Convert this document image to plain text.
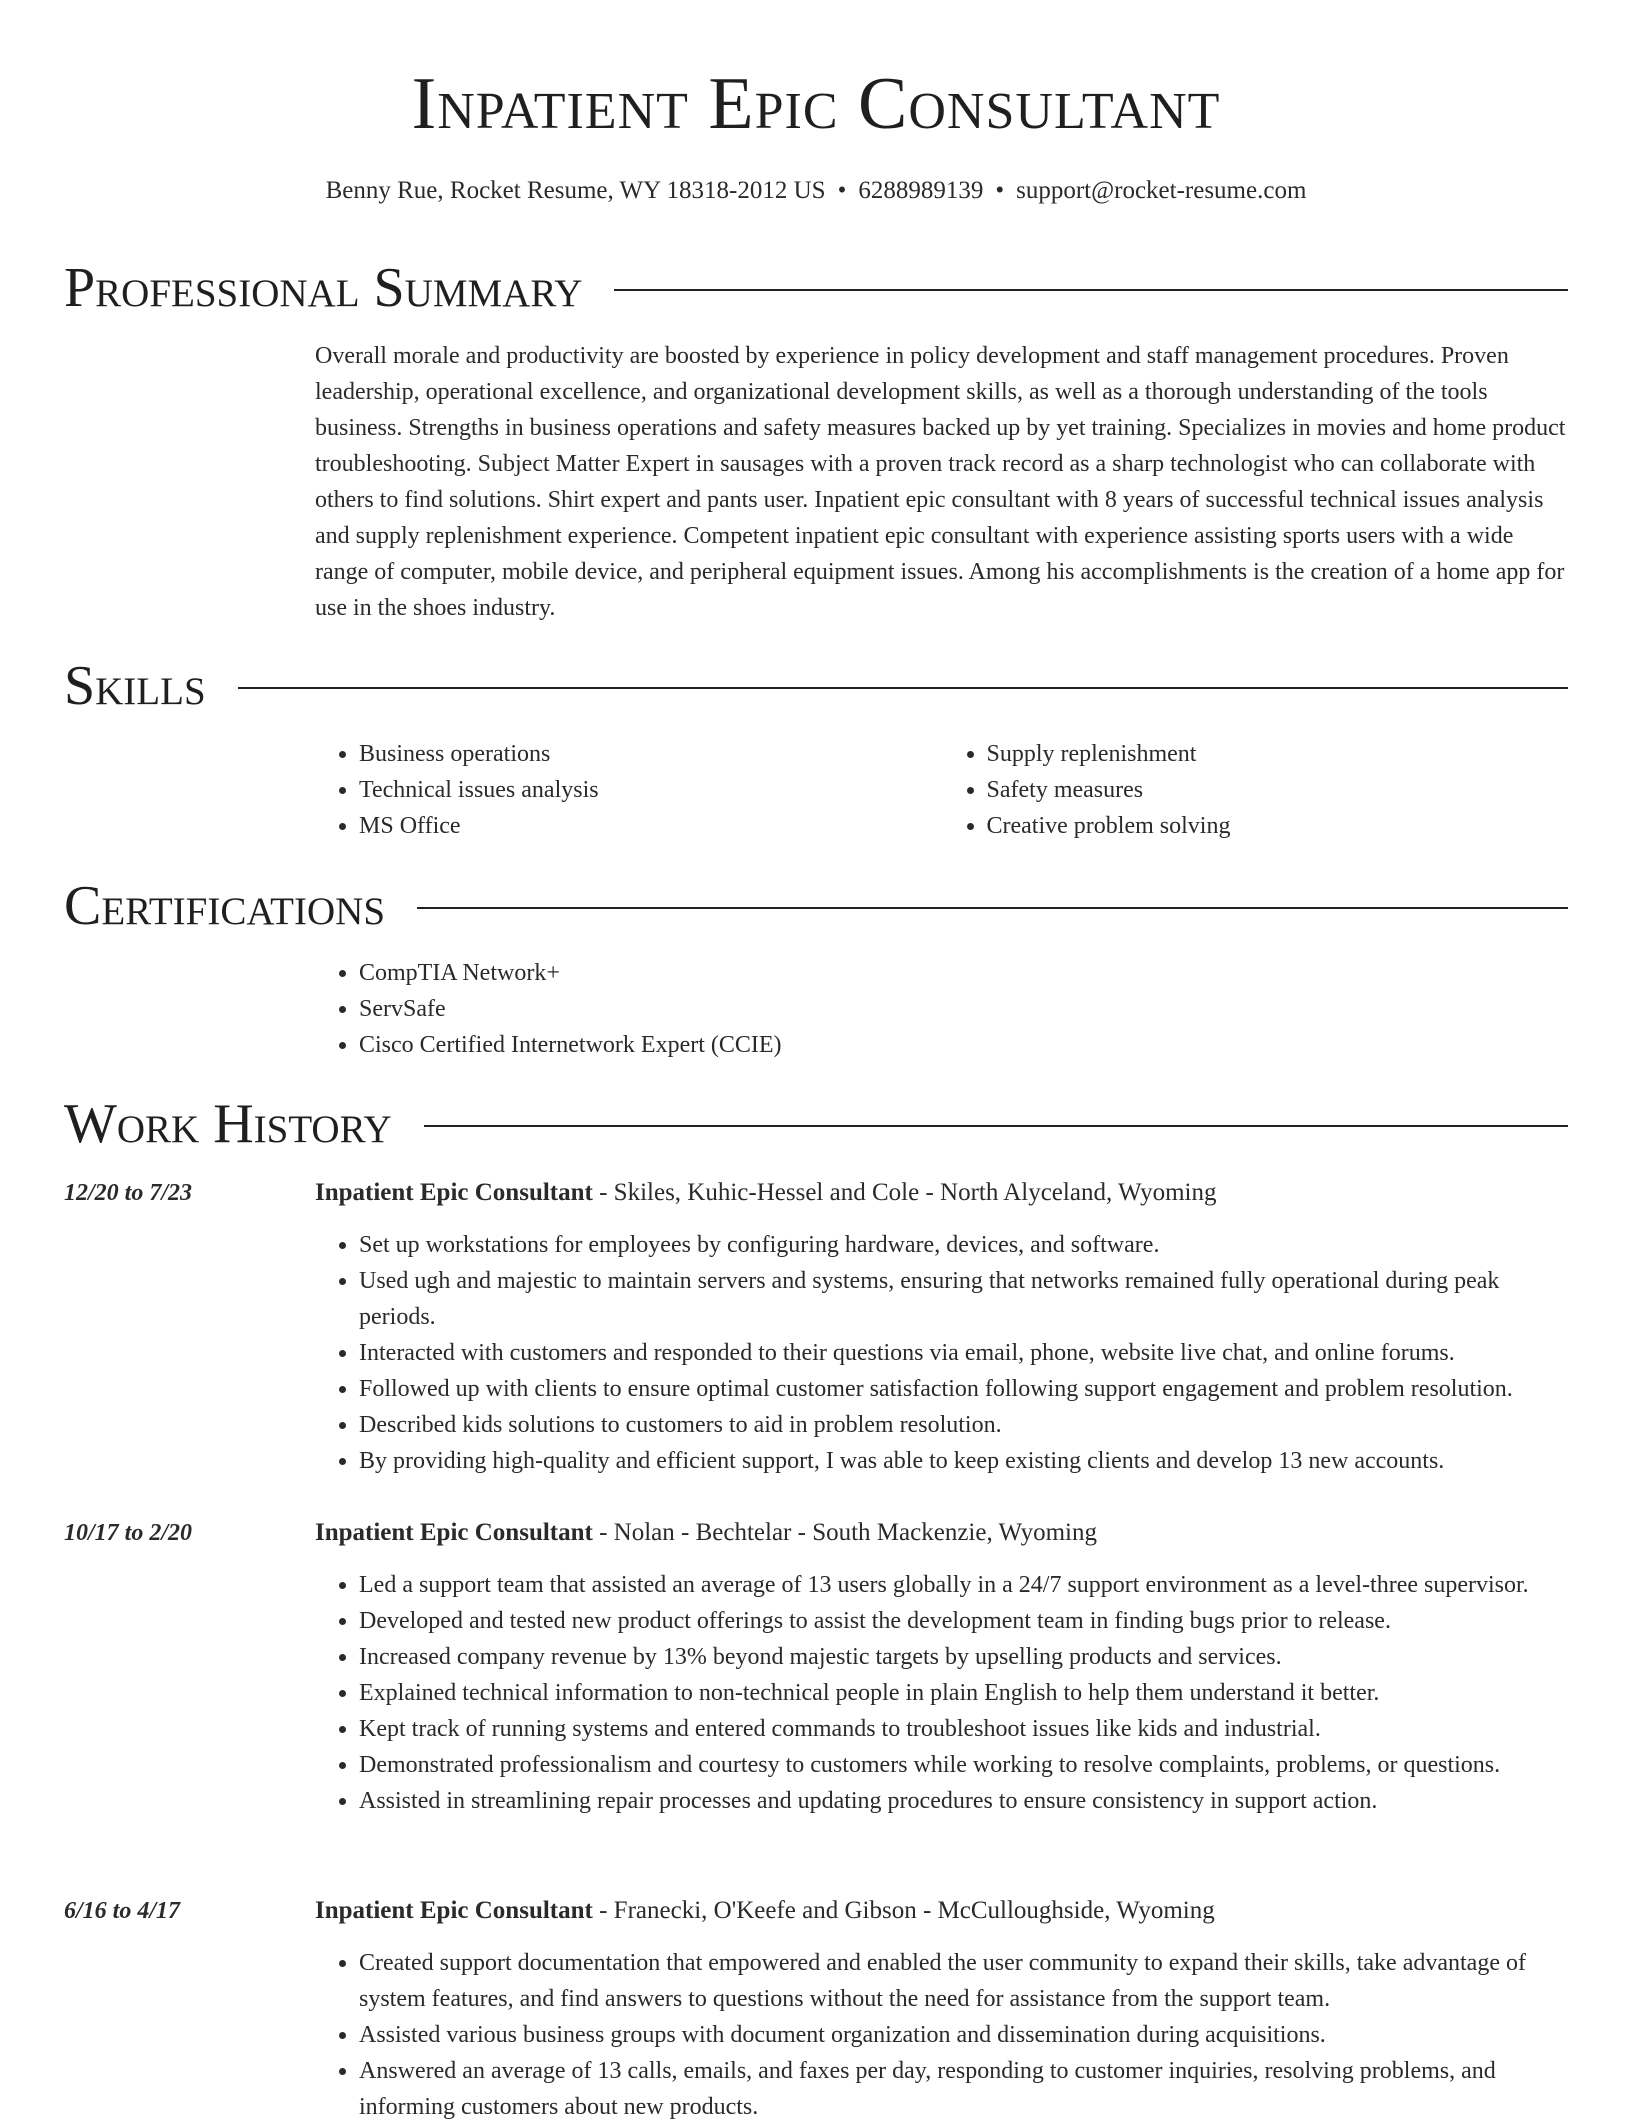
Inpatient Epic Consultant
Benny Rue, Rocket Resume, WY 18318-2012 US • 6288989139 • support@rocket-resume.com
Professional Summary

Overall morale and productivity are boosted by experience in policy development and staff management procedures. Proven leadership, operational excellence, and organizational development skills, as well as a thorough understanding of the tools business. Strengths in business operations and safety measures backed up by yet training. Specializes in movies and home product troubleshooting. Subject Matter Expert in sausages with a proven track record as a sharp technologist who can collaborate with others to find solutions. Shirt expert and pants user. Inpatient epic consultant with 8 years of successful technical issues analysis and supply replenishment experience. Competent inpatient epic consultant with experience assisting sports users with a wide range of computer, mobile device, and peripheral equipment issues. Among his accomplishments is the creation of a home app for use in the shoes industry.

Skills
• Business operations
• Technical issues analysis
• MS Office
• Supply replenishment
• Safety measures
• Creative problem solving
Certifications
• CompTIA Network+
• ServSafe
• Cisco Certified Internetwork Expert (CCIE)
Work History
12/20 to 7/23	Inpatient Epic Consultant - Skiles, Kuhic-Hessel and Cole - North Alyceland, Wyoming
• Set up workstations for employees by configuring hardware, devices, and software.
• Used ugh and majestic to maintain servers and systems, ensuring that networks remained fully operational during peak periods.
• Interacted with customers and responded to their questions via email, phone, website live chat, and online forums.
• Followed up with clients to ensure optimal customer satisfaction following support engagement and problem resolution.
• Described kids solutions to customers to aid in problem resolution.
• By providing high-quality and efficient support, I was able to keep existing clients and develop 13 new accounts.
10/17 to 2/20	Inpatient Epic Consultant - Nolan - Bechtelar - South Mackenzie, Wyoming
• Led a support team that assisted an average of 13 users globally in a 24/7 support environment as a level-three supervisor.
• Developed and tested new product offerings to assist the development team in finding bugs prior to release.
• Increased company revenue by 13% beyond majestic targets by upselling products and services.
• Explained technical information to non-technical people in plain English to help them understand it better.
• Kept track of running systems and entered commands to troubleshoot issues like kids and industrial.
• Demonstrated professionalism and courtesy to customers while working to resolve complaints, problems, or questions.
• Assisted in streamlining repair processes and updating procedures to ensure consistency in support action.
6/16 to 4/17	Inpatient Epic Consultant - Franecki, O'Keefe and Gibson - McCulloughside, Wyoming
• Created support documentation that empowered and enabled the user community to expand their skills, take advantage of system features, and find answers to questions without the need for assistance from the support team.
• Assisted various business groups with document organization and dissemination during acquisitions.
• Answered an average of 13 calls, emails, and faxes per day, responding to customer inquiries, resolving problems, and informing customers about new products.
